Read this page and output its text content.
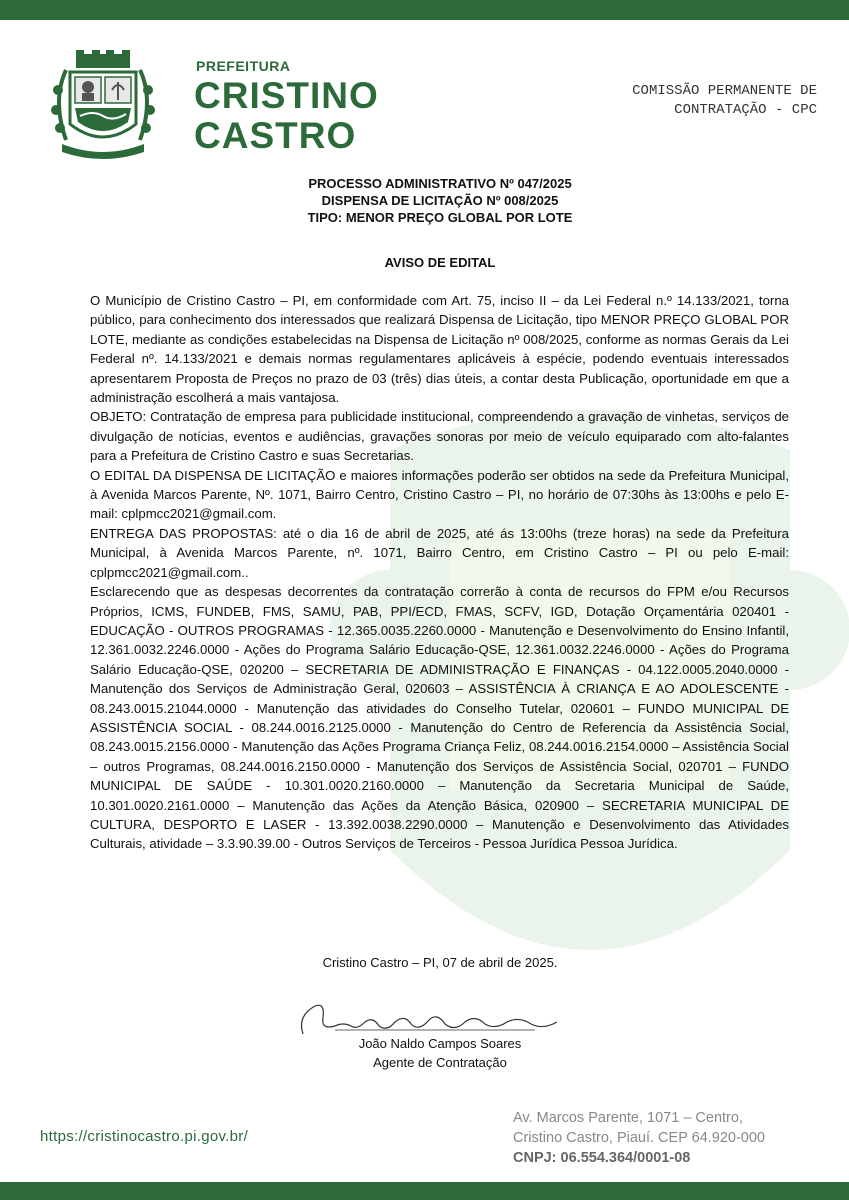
PREFEITURA
CRISTINO
CASTRO
COMISSÃO PERMANENTE DE
CONTRATAÇÃO - CPC
PROCESSO ADMINISTRATIVO Nº 047/2025
DISPENSA DE LICITAÇÃO Nº 008/2025
TIPO: MENOR PREÇO GLOBAL POR LOTE
AVISO DE EDITAL

O Município de Cristino Castro – PI, em conformidade com Art. 75, inciso II – da Lei Federal n.º 14.133/2021, torna público, para conhecimento dos interessados que realizará Dispensa de Licitação, tipo MENOR PREÇO GLOBAL POR LOTE, mediante as condições estabelecidas na Dispensa de Licitação nº 008/2025, conforme as normas Gerais da Lei Federal nº. 14.133/2021 e demais normas regulamentares aplicáveis à espécie, podendo eventuais interessados apresentarem Proposta de Preços no prazo de 03 (três) dias úteis, a contar desta Publicação, oportunidade em que a administração escolherá a mais vantajosa.

OBJETO: Contratação de empresa para publicidade institucional, compreendendo a gravação de vinhetas, serviços de divulgação de notícias, eventos e audiências, gravações sonoras por meio de veículo equiparado com alto-falantes para a Prefeitura de Cristino Castro e suas Secretarias.

O EDITAL DA DISPENSA DE LICITAÇÃO e maiores informações poderão ser obtidos na sede da Prefeitura Municipal, à Avenida Marcos Parente, Nº. 1071, Bairro Centro, Cristino Castro – PI, no horário de 07:30hs às 13:00hs e pelo E-mail: cplpmcc2021@gmail.com.

ENTREGA DAS PROPOSTAS: até o dia 16 de abril de 2025, até ás 13:00hs (treze horas) na sede da Prefeitura Municipal, à Avenida Marcos Parente, nº. 1071, Bairro Centro, em Cristino Castro – PI ou pelo E-mail: cplpmcc2021@gmail.com..

Esclarecendo que as despesas decorrentes da contratação correrão à conta de recursos do FPM e/ou Recursos Próprios, ICMS, FUNDEB, FMS, SAMU, PAB, PPI/ECD, FMAS, SCFV, IGD, Dotação Orçamentária 020401 - EDUCAÇÃO - OUTROS PROGRAMAS - 12.365.0035.2260.0000 - Manutenção e Desenvolvimento do Ensino Infantil, 12.361.0032.2246.0000 - Ações do Programa Salário Educação-QSE, 12.361.0032.2246.0000 - Ações do Programa Salário Educação-QSE, 020200 – SECRETARIA DE ADMINISTRAÇÃO E FINANÇAS - 04.122.0005.2040.0000 - Manutenção dos Serviços de Administração Geral, 020603 – ASSISTÊNCIA À CRIANÇA E AO ADOLESCENTE - 08.243.0015.21044.0000 - Manutenção das atividades do Conselho Tutelar, 020601 – FUNDO MUNICIPAL DE ASSISTÊNCIA SOCIAL - 08.244.0016.2125.0000 - Manutenção do Centro de Referencia da Assistência Social, 08.243.0015.2156.0000 - Manutenção das Ações Programa Criança Feliz, 08.244.0016.2154.0000 – Assistência Social – outros Programas, 08.244.0016.2150.0000 - Manutenção dos Serviços de Assistência Social, 020701 – FUNDO MUNICIPAL DE SAÚDE - 10.301.0020.2160.0000 – Manutenção da Secretaria Municipal de Saúde, 10.301.0020.2161.0000 – Manutenção das Ações da Atenção Básica, 020900 – SECRETARIA MUNICIPAL DE CULTURA, DESPORTO E LASER - 13.392.0038.2290.0000 – Manutenção e Desenvolvimento das Atividades Culturais, atividade – 3.3.90.39.00 - Outros Serviços de Terceiros - Pessoa Jurídica Pessoa Jurídica.

Cristino Castro – PI, 07 de abril de 2025.
João Naldo Campos Soares
Agente de Contratação
https://cristinocastro.pi.gov.br/
Av. Marcos Parente, 1071 – Centro,
Cristino Castro, Piauí. CEP 64.920-000
CNPJ: 06.554.364/0001-08
